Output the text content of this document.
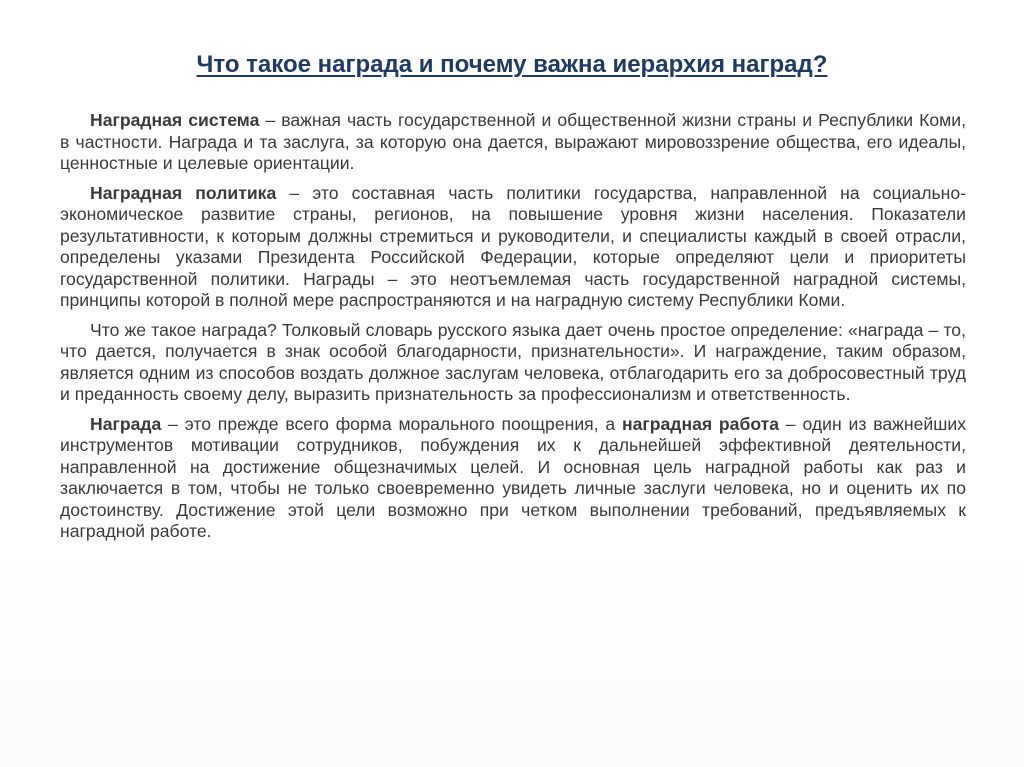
Что такое награда и почему важна иерархия наград?

Наградная система – важная часть государственной и общественной жизни страны и Республики Коми, в частности. Награда и та заслуга, за которую она дается, выражают мировоззрение общества, его идеалы, ценностные и целевые ориентации.

Наградная политика – это составная часть политики государства, направленной на социально-экономическое развитие страны, регионов, на повышение уровня жизни населения. Показатели результативности, к которым должны стремиться и руководители, и специалисты каждый в своей отрасли, определены указами Президента Российской Федерации, которые определяют цели и приоритеты государственной политики. Награды – это неотъемлемая часть государственной наградной системы, принципы которой в полной мере распространяются и на наградную систему Республики Коми.

Что же такое награда? Толковый словарь русского языка дает очень простое определение: «награда – то, что дается, получается в знак особой благодарности, признательности». И награждение, таким образом, является одним из способов воздать должное заслугам человека, отблагодарить его за добросовестный труд и преданность своему делу, выразить признательность за профессионализм и ответственность.

Награда – это прежде всего форма морального поощрения, а наградная работа – один из важнейших инструментов мотивации сотрудников, побуждения их к дальнейшей эффективной деятельности, направленной на достижение общезначимых целей. И основная цель наградной работы как раз и заключается в том, чтобы не только своевременно увидеть личные заслуги человека, но и оценить их по достоинству. Достижение этой цели возможно при четком выполнении требований, предъявляемых к наградной работе.
